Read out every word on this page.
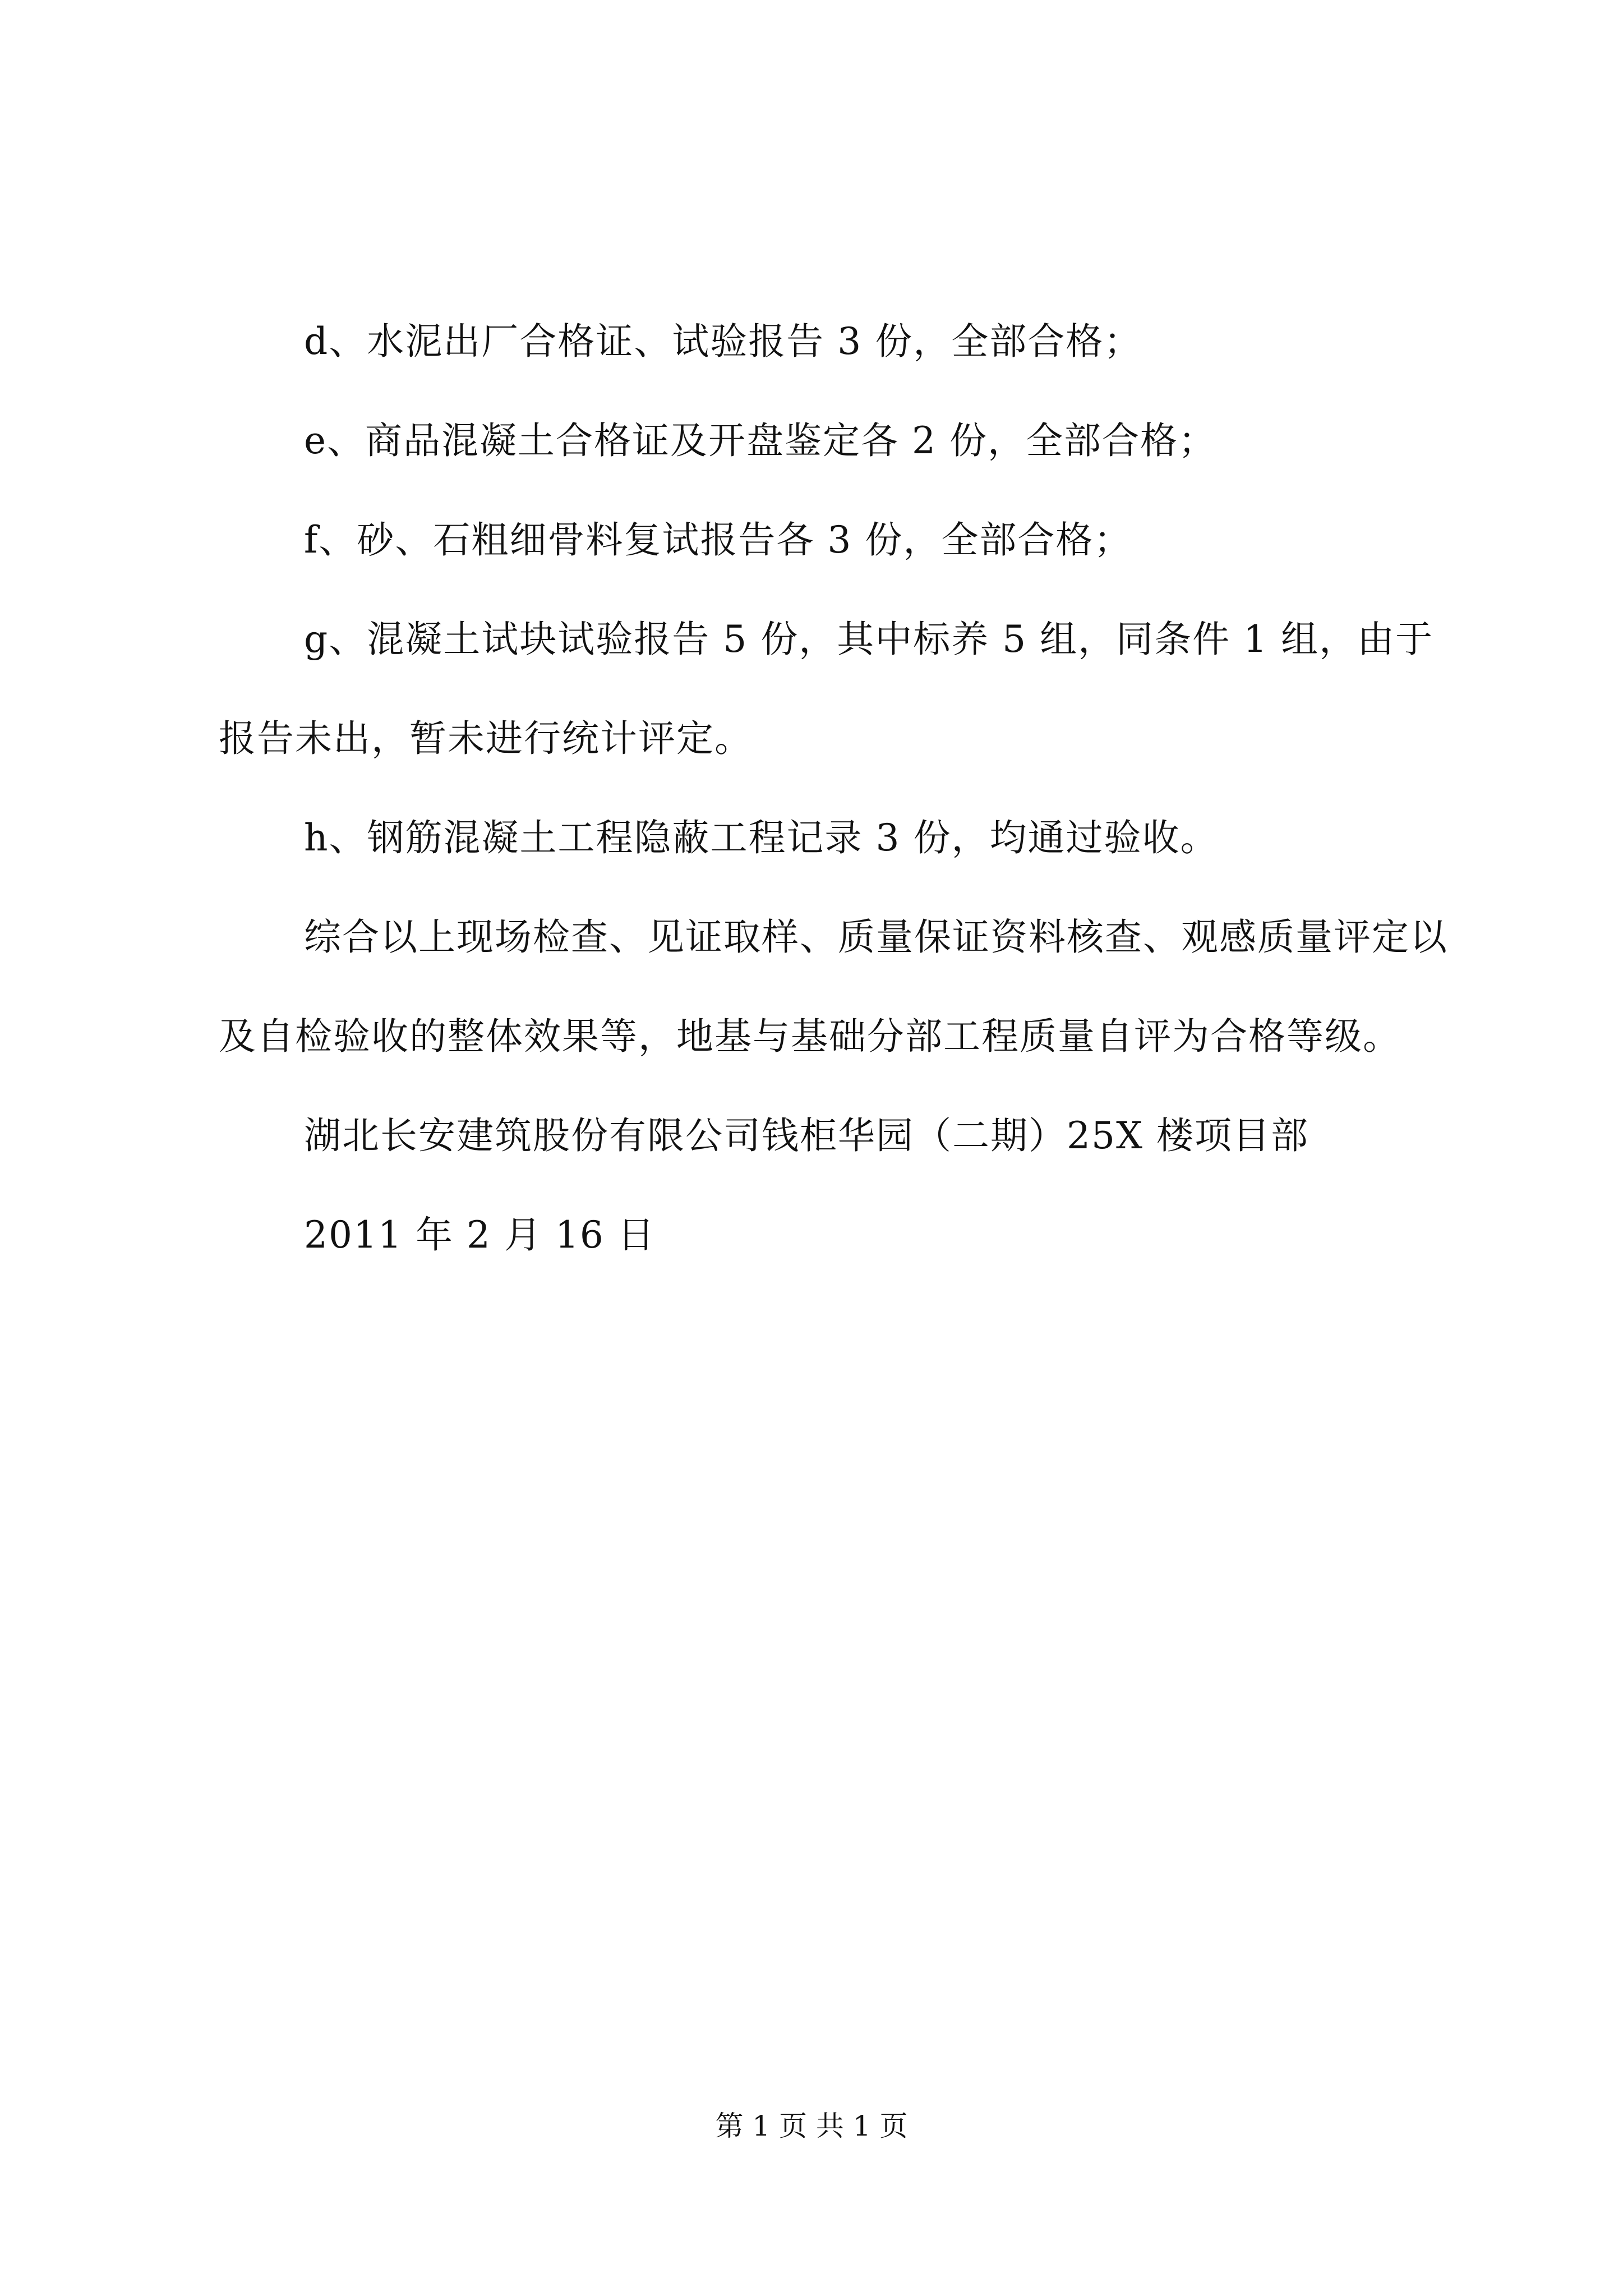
d、水泥出厂合格证、试验报告 3 份，全部合格；

e、商品混凝土合格证及开盘鉴定各 2 份，全部合格；

f、砂、石粗细骨料复试报告各 3 份，全部合格；

g、混凝土试块试验报告 5 份，其中标养 5 组，同条件 1 组，由于报告未出，暂未进行统计评定。

h、钢筋混凝土工程隐蔽工程记录 3 份，均通过验收。

综合以上现场检查、见证取样、质量保证资料核查、观感质量评定以及自检验收的整体效果等，地基与基础分部工程质量自评为合格等级。

湖北长安建筑股份有限公司钱柜华园（二期）25X 楼项目部

2011 年 2 月 16 日

第 1 页 共 1 页
